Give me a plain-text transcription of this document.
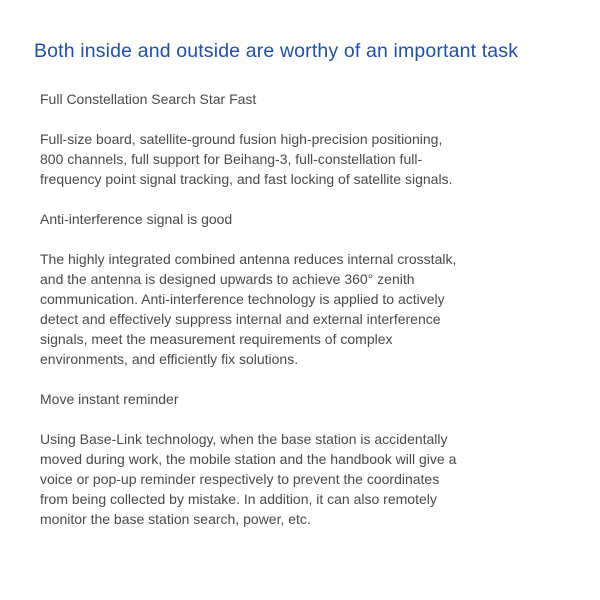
Both inside and outside are worthy of an important task
Full Constellation Search Star Fast
Full-size board, satellite-ground fusion high-precision positioning,
800 channels, full support for Beihang-3, full-constellation full-
frequency point signal tracking, and fast locking of satellite signals.
Anti-interference signal is good
The highly integrated combined antenna reduces internal crosstalk,
and the antenna is designed upwards to achieve 360° zenith
communication. Anti-interference technology is applied to actively
detect and effectively suppress internal and external interference
signals, meet the measurement requirements of complex
environments, and efficiently fix solutions.
Move instant reminder
Using Base-Link technology, when the base station is accidentally
moved during work, the mobile station and the handbook will give a
voice or pop-up reminder respectively to prevent the coordinates
from being collected by mistake. In addition, it can also remotely
monitor the base station search, power, etc.
